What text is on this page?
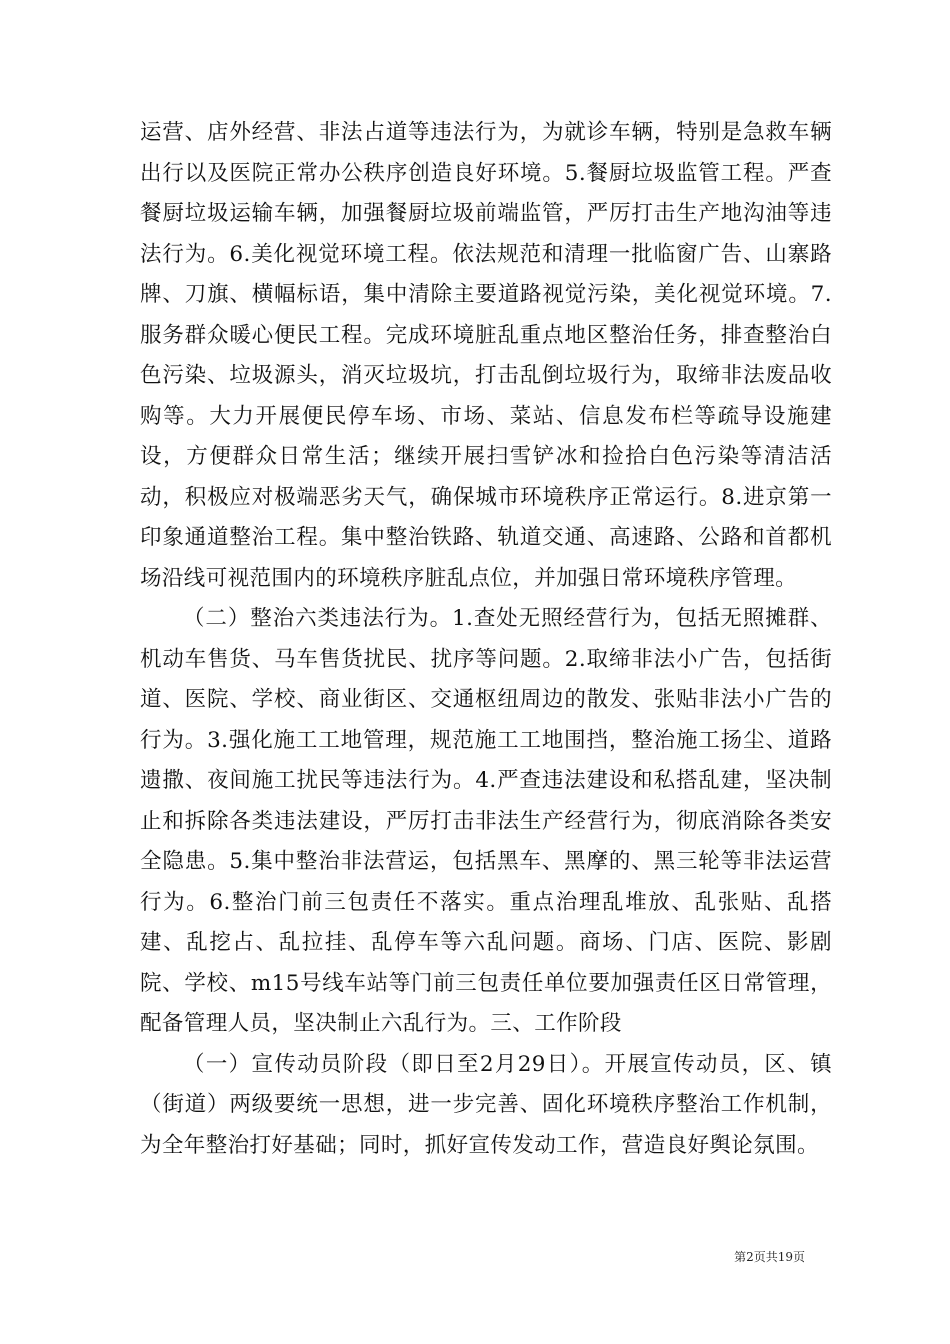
运营、店外经营、非法占道等违法行为，为就诊车辆，特别是急救车辆出行以及医院正常办公秩序创造良好环境。5.餐厨垃圾监管工程。严查餐厨垃圾运输车辆，加强餐厨垃圾前端监管，严厉打击生产地沟油等违法行为。6.美化视觉环境工程。依法规范和清理一批临窗广告、山寨路牌、刀旗、横幅标语，集中清除主要道路视觉污染，美化视觉环境。7.服务群众暖心便民工程。完成环境脏乱重点地区整治任务，排查整治白色污染、垃圾源头，消灭垃圾坑，打击乱倒垃圾行为，取缔非法废品收购等。大力开展便民停车场、市场、菜站、信息发布栏等疏导设施建设，方便群众日常生活；继续开展扫雪铲冰和捡拾白色污染等清洁活动，积极应对极端恶劣天气，确保城市环境秩序正常运行。8.进京第一印象通道整治工程。集中整治铁路、轨道交通、高速路、公路和首都机场沿线可视范围内的环境秩序脏乱点位，并加强日常环境秩序管理。

（二）整治六类违法行为。1.查处无照经营行为，包括无照摊群、机动车售货、马车售货扰民、扰序等问题。2.取缔非法小广告，包括街道、医院、学校、商业街区、交通枢纽周边的散发、张贴非法小广告的行为。3.强化施工工地管理，规范施工工地围挡，整治施工扬尘、道路遗撒、夜间施工扰民等违法行为。4.严查违法建设和私搭乱建，坚决制止和拆除各类违法建设，严厉打击非法生产经营行为，彻底消除各类安全隐患。5.集中整治非法营运，包括黑车、黑摩的、黑三轮等非法运营行为。6.整治门前三包责任不落实。重点治理乱堆放、乱张贴、乱搭建、乱挖占、乱拉挂、乱停车等六乱问题。商场、门店、医院、影剧院、学校、m15号线车站等门前三包责任单位要加强责任区日常管理，配备管理人员，坚决制止六乱行为。三、工作阶段

（一）宣传动员阶段（即日至2月29日）。开展宣传动员，区、镇（街道）两级要统一思想，进一步完善、固化环境秩序整治工作机制，为全年整治打好基础；同时，抓好宣传发动工作，营造良好舆论氛围。

第2页共19页
